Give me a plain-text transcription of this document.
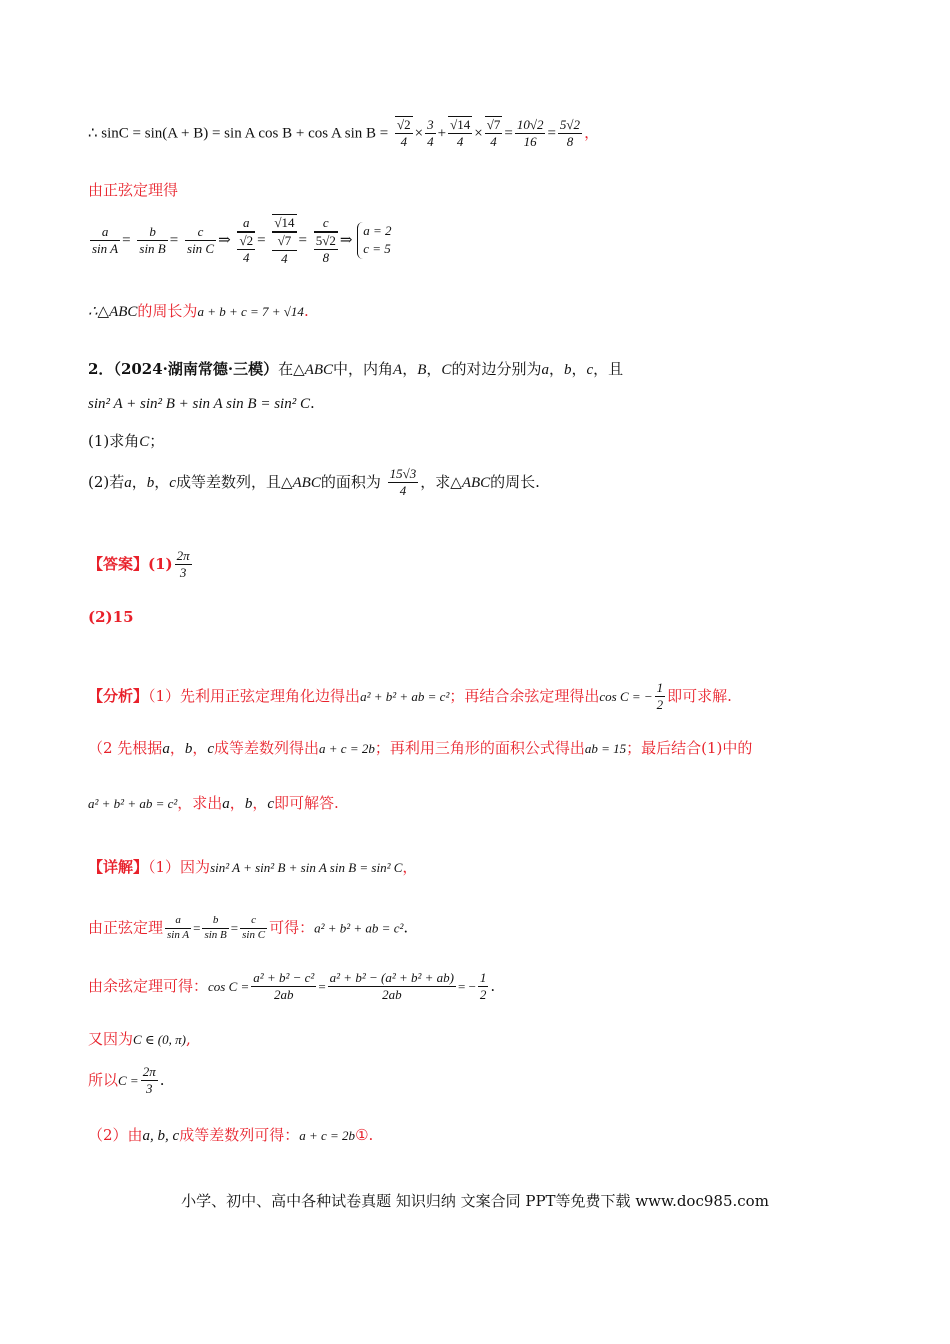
∴ sinC = sin(A + B) = sin A cos B + cos A $\sin B = \frac{√2}{4} \times \frac{3}{4} + \frac{√14}{4} \times \frac{√7}{4} = \frac{10√2}{16} = \frac{5√2}{8}$ ，
由正弦定理得
$\frac{a}{\text{sin A}} = \frac{b}{\text{sin B}} = \frac{c}{\text{sin C}}$ ⇒
a
√2
4
=
√14
√7
4
=
c
5√2
8
⇒
a = 2
c = 5
∴△ABC的周长为a + b + c = 7 + √14.
2．（2024·湖南常德·三模）在△ABC中，内角A，B，C的对边分别为a，b，c，且
sin² A + sin² B + sin A sin B = sin² C.
(1)求角C；
(2)若a，b，c成等差数列，且△ABC的面积为 $\frac{15√3}{4}$ ，求△ABC的周长.
【答案】$(1) \frac{2\pi}{3}$
(2)15
【分析】（1）先利用正弦定理角化边得出a² + b² + ab = c²；再结合余弦定理得出cos C = − $\frac{1}{2}$ 即可求解.
（2 先根据a，b，c成等差数列得出a + c = 2b；再利用三角形的面积公式得出ab = 15；最后结合(1)中的
a² + b² + ab = c²，求出a，b，c即可解答.
【详解】（1）因为sin² A + sin² B + sin A sin B = sin² C，
由正弦定理 $\frac{a}{\text{sin A}} = \frac{b}{\text{sin B}} = \frac{c}{\text{sin C}}$ 可得：a² + b² + ab = c².
由余弦定理可得：$\cos C = \frac{\text{a² + b² − c²}}{2ab} = \frac{\text{a² + b² − (a² + b² + ab)}}{2ab}$ = − $\frac{1}{2}$ .
又因为C ∈ (0, π),
所以$C = \frac{2\pi}{3}$ .
（2）由a, b, c成等差数列可得：a + c = 2b①.
小学、初中、高中各种试卷真题 知识归纳 文案合同 PPT等免费下载 www.doc985.com
